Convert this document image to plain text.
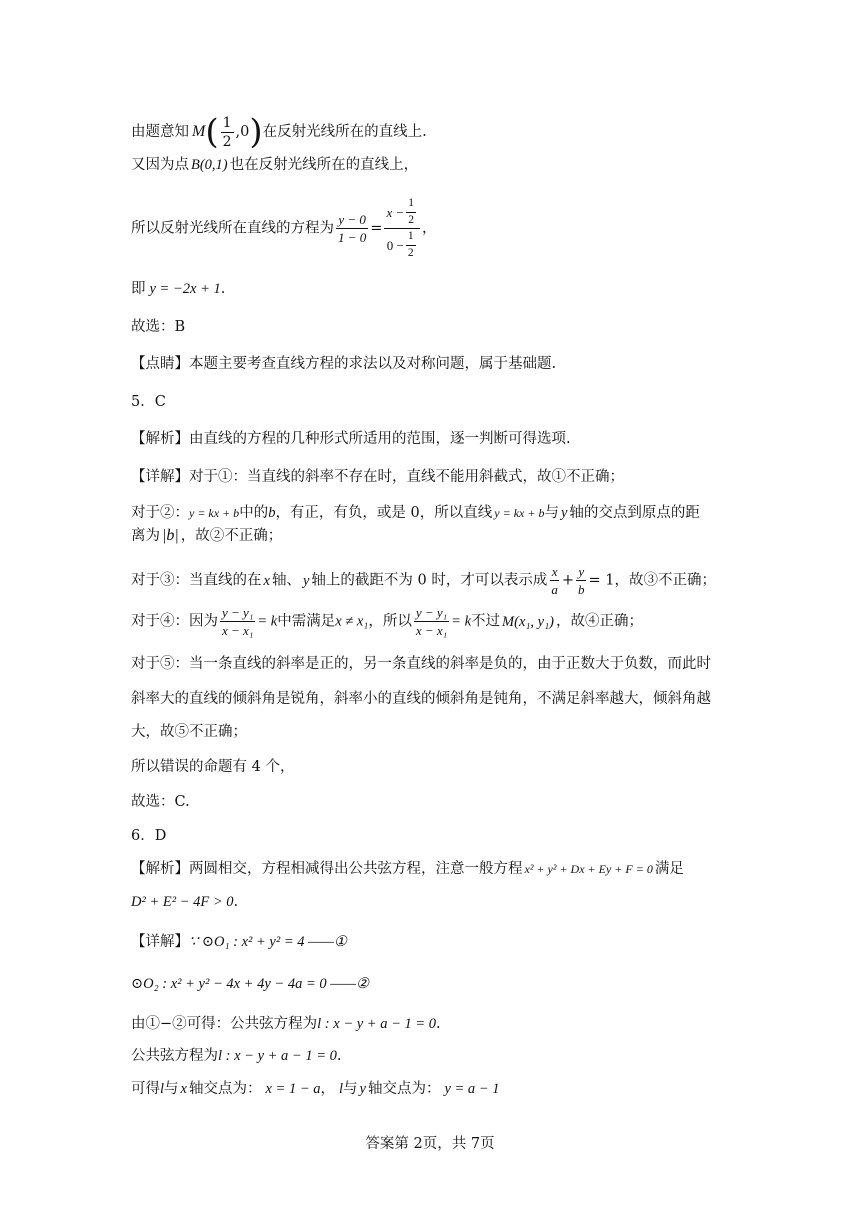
由题意知 $M( \frac{1}{2} ,0)$在反射光线所在的直线上.
又因为点 B(0,1) 也在反射光线所在的直线上，
所以反射光线所在直线的方程为 $\frac{y - 0}{1 - 0} = \frac{x - \frac{1}{2}}{0 - \frac{1}{2}}$ ，
即 y = −2x + 1.
故选：B
【点睛】本题主要考查直线方程的求法以及对称问题，属于基础题.
5．C
【解析】由直线的方程的几种形式所适用的范围，逐一判断可得选项.
【详解】对于①：当直线的斜率不存在时，直线不能用斜截式，故①不正确；
对于②：y = kx + b中的b，有正，有负，或是 0，所以直线 y = kx + b与 y 轴的交点到原点的距
离为 |b| ，故②不正确；
对于③：当直线的在 x 轴、 y 轴上的截距不为 0 时，才可以表示成 $\frac{x}{a} + \frac{y}{b} = 1$，故③不正确；
对于④：因为 $\frac{\text{y − y₁}}{\text{x − x₁}} = k$中需满足x ≠ x₁，所以 $\frac{\text{y − y₁}}{\text{x − x₁}} = k$不过 M(x₁, y₁) ，故④正确；
对于⑤：当一条直线的斜率是正的，另一条直线的斜率是负的，由于正数大于负数，而此时
斜率大的直线的倾斜角是锐角，斜率小的直线的倾斜角是钝角，不满足斜率越大，倾斜角越
大，故⑤不正确；
所以错误的命题有 4 个，
故选：C.
6．D
【解析】两圆相交，方程相减得出公共弦方程，注意一般方程 x² + y² + Dx + Ey + F = 0 满足
D² + E² − 4F > 0.
【详解】∵ ⊙O₁ : x² + y² = 4 ——①
⊙O₂ : x² + y² − 4x + 4y − 4a = 0 ——②
由①−②可得：公共弦方程为l : x − y + a − 1 = 0.
公共弦方程为l : x − y + a − 1 = 0.
可得l与 x 轴交点为： x = 1 − a， l与 y 轴交点为： y = a − 1
答案第 2页，共 7页
